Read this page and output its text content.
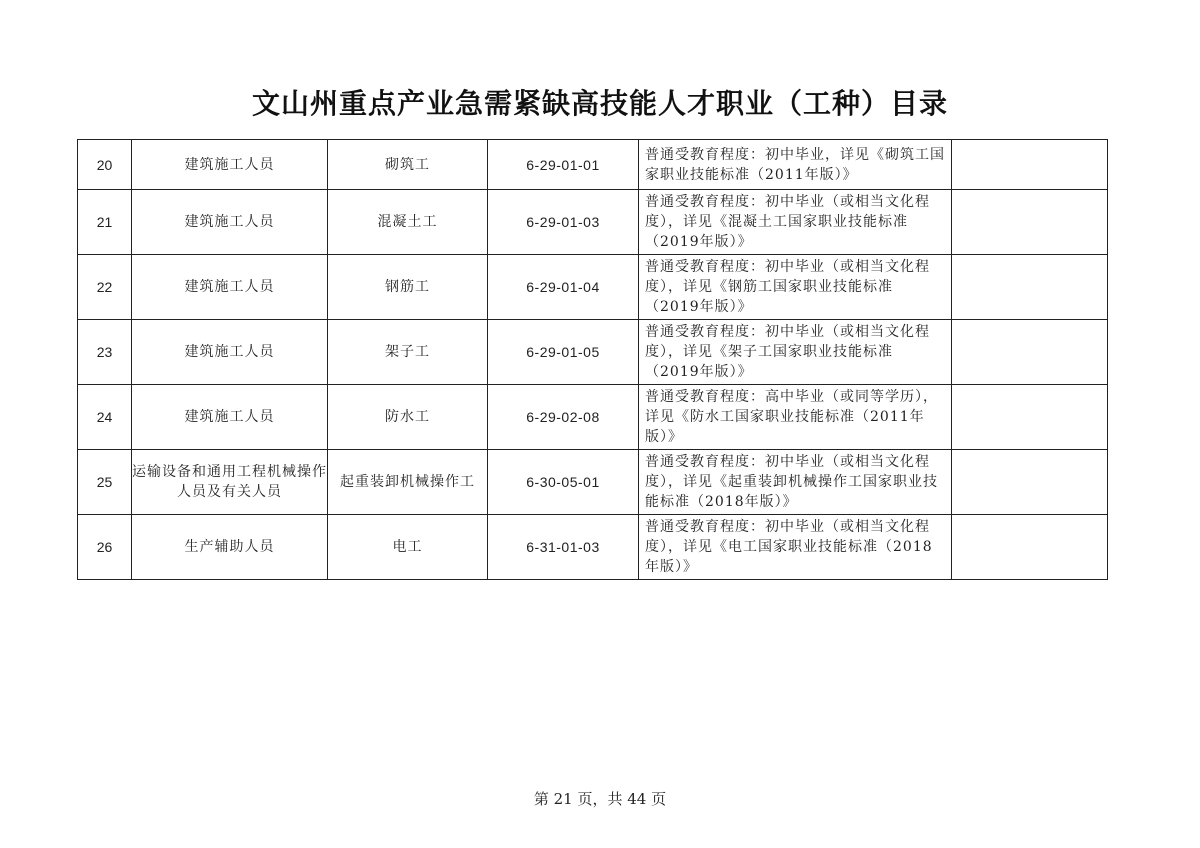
文山州重点产业急需紧缺高技能人才职业（工种）目录
20	建筑施工人员	砌筑工	6-29-01-01	普通受教育程度：初中毕业，详见《砌筑工国家职业技能标准（2011年版）》	
21	建筑施工人员	混凝土工	6-29-01-03	普通受教育程度：初中毕业（或相当文化程度），详见《混凝土工国家职业技能标准（2019年版）》	
22	建筑施工人员	钢筋工	6-29-01-04	普通受教育程度：初中毕业（或相当文化程度），详见《钢筋工国家职业技能标准（2019年版）》	
23	建筑施工人员	架子工	6-29-01-05	普通受教育程度：初中毕业（或相当文化程度），详见《架子工国家职业技能标准（2019年版）》	
24	建筑施工人员	防水工	6-29-02-08	普通受教育程度：高中毕业（或同等学历），详见《防水工国家职业技能标准（2011年版）》	
25	运输设备和通用工程机械操作人员及有关人员	起重装卸机械操作工	6-30-05-01	普通受教育程度：初中毕业（或相当文化程度），详见《起重装卸机械操作工国家职业技能标准（2018年版）》	
26	生产辅助人员	电工	6-31-01-03	普通受教育程度：初中毕业（或相当文化程度），详见《电工国家职业技能标准（2018年版）》	
第 21 页，共 44 页
